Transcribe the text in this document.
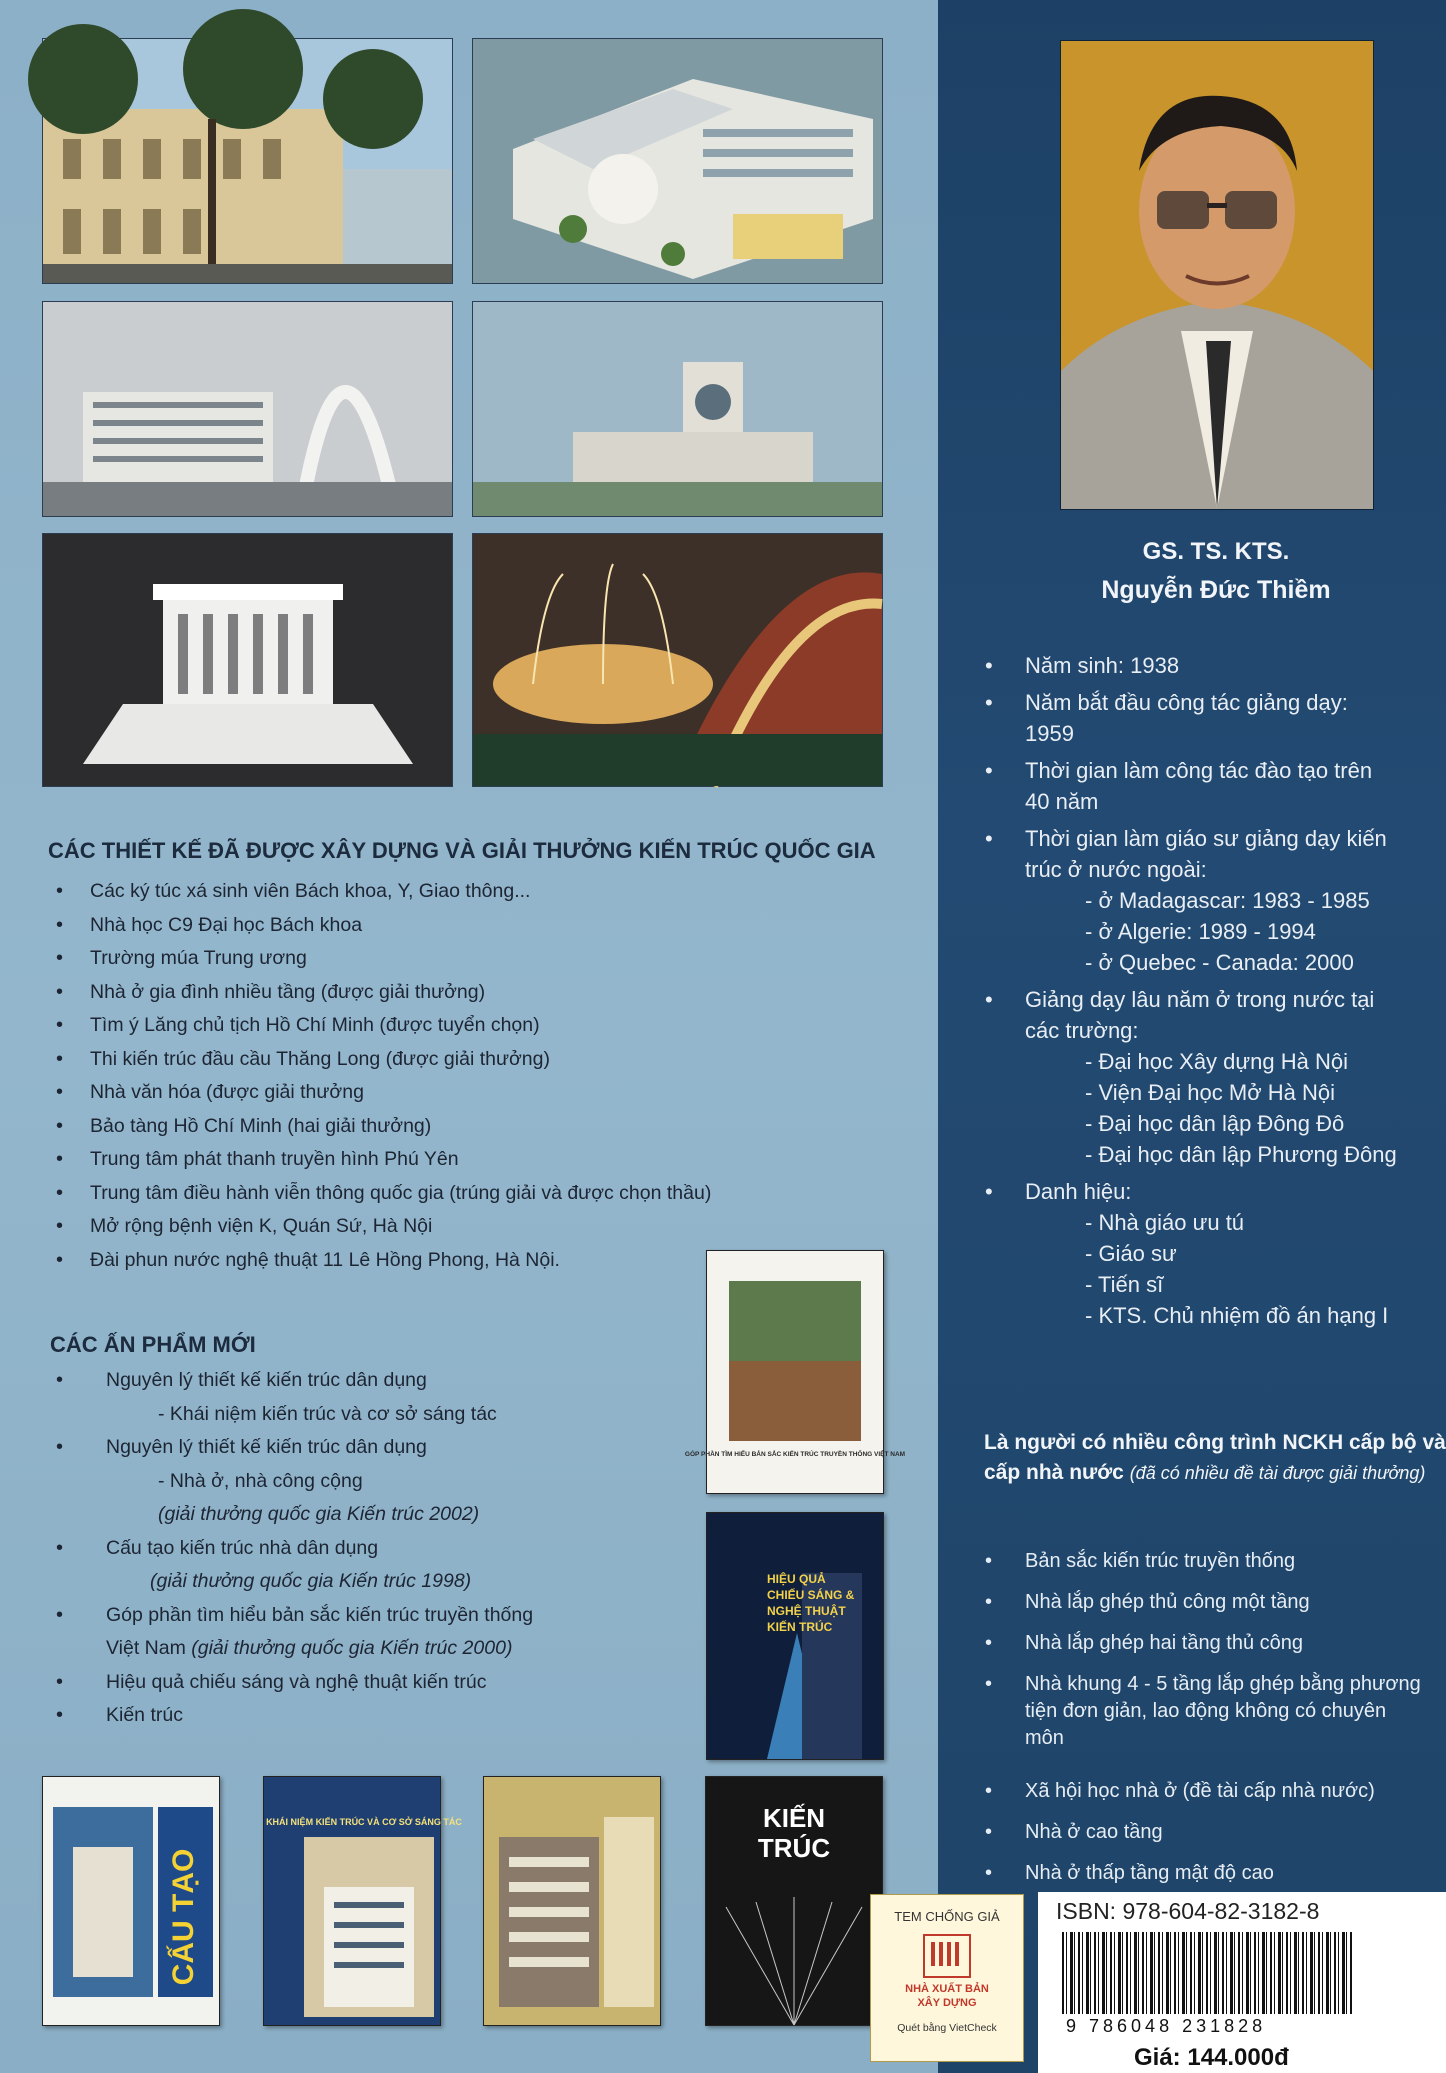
CÁC THIẾT KẾ ĐÃ ĐƯỢC XÂY DỰNG VÀ GIẢI THƯỞNG KIẾN TRÚC QUỐC GIA
• Các ký túc xá sinh viên Bách khoa, Y, Giao thông...
• Nhà học C9 Đại học Bách khoa
• Trường múa Trung ương
• Nhà ở gia đình nhiều tầng (được giải thưởng)
• Tìm ý Lăng chủ tịch Hồ Chí Minh (được tuyển chọn)
• Thi kiến trúc đầu cầu Thăng Long (được giải thưởng)
• Nhà văn hóa (được giải thưởng
• Bảo tàng Hồ Chí Minh (hai giải thưởng)
• Trung tâm phát thanh truyền hình Phú Yên
• Trung tâm điều hành viễn thông quốc gia (trúng giải và được chọn thầu)
• Mở rộng bệnh viện K, Quán Sứ, Hà Nội
• Đài phun nước nghệ thuật 11 Lê Hồng Phong, Hà Nội.
CÁC ẤN PHẨM MỚI
• Nguyên lý thiết kế kiến trúc dân dụng
- Khái niệm kiến trúc và cơ sở sáng tác
• Nguyên lý thiết kế kiến trúc dân dụng
- Nhà ở, nhà công cộng
(giải thưởng quốc gia Kiến trúc 2002)
• Cấu tạo kiến trúc nhà dân dụng
(giải thưởng quốc gia Kiến trúc 1998)
• Góp phần tìm hiểu bản sắc kiến trúc truyền thống
Việt Nam (giải thưởng quốc gia Kiến trúc 2000)
• Hiệu quả chiếu sáng và nghệ thuật kiến trúc
• Kiến trúc
GÓP PHẦN TÌM HIỂU BẢN SẮC KIẾN TRÚC TRUYỀN THỐNG VIỆT NAM
HIỆU QUẢ
CHIẾU SÁNG &
NGHỆ THUẬT
KIẾN TRÚC
CẤU TẠO
KHÁI NIỆM KIẾN TRÚC VÀ CƠ SỞ SÁNG TÁC	KIẾN
TRÚC
GS. TS. KTS.
Nguyễn Đức Thiềm
• Năm sinh: 1938
• Năm bắt đầu công tác giảng dạy:
1959
• Thời gian làm công tác đào tạo trên
40 năm
• Thời gian làm giáo sư giảng dạy kiến
trúc ở nước ngoài:
- ở Madagascar: 1983 - 1985
- ở Algerie: 1989 - 1994
- ở Quebec - Canada: 2000
• Giảng dạy lâu năm ở trong nước tại
các trường:
- Đại học Xây dựng Hà Nội
- Viện Đại học Mở Hà Nội
- Đại học dân lập Đông Đô
- Đại học dân lập Phương Đông
• Danh hiệu:
- Nhà giáo ưu tú
- Giáo sư
- Tiến sĩ
- KTS. Chủ nhiệm đồ án hạng I
Là người có nhiều công trình NCKH cấp bộ và cấp nhà nước (đã có nhiều đề tài được giải thưởng)
• Bản sắc kiến trúc truyền thống
• Nhà lắp ghép thủ công một tầng
• Nhà lắp ghép hai tầng thủ công
• Nhà khung 4 - 5 tầng lắp ghép bằng phương tiện đơn giản, lao động không có chuyên môn
• Xã hội học nhà ở (đề tài cấp nhà nước)
• Nhà ở cao tầng
• Nhà ở thấp tầng mật độ cao
TEM CHỐNG GIẢ
NHÀ XUẤT BẢN XÂY DỰNG
Quét bằng VietCheck
ISBN: 978-604-82-3182-8
9 786048 231828
Giá: 144.000đ
